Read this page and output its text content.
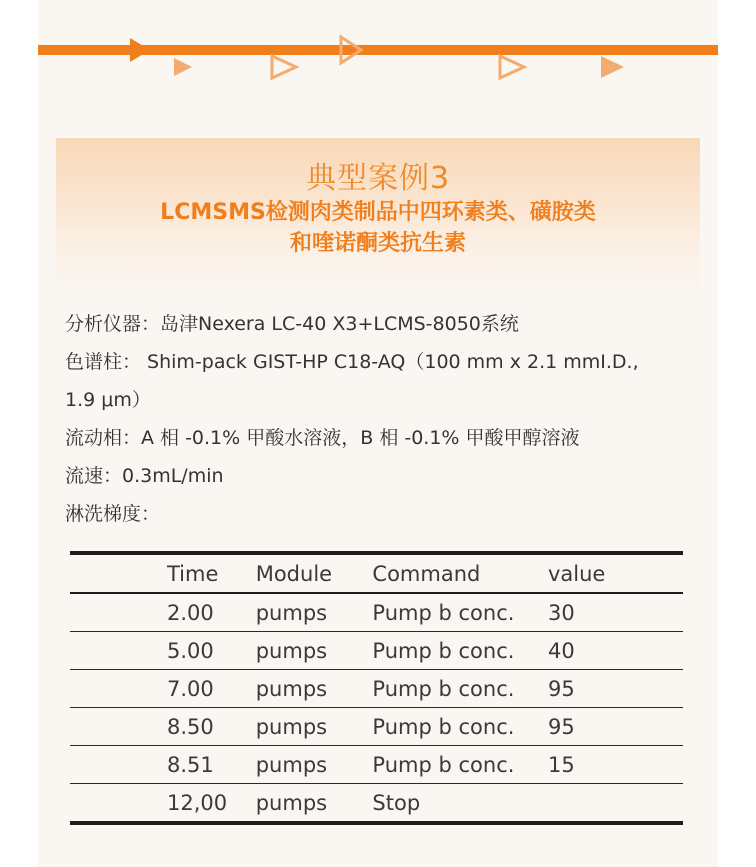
典型案例3
LCMSMS检测肉类制品中四环素类、磺胺类
和喹诺酮类抗生素
分析仪器：岛津Nexera LC-40 X3+LCMS-8050系统
色谱柱： Shim-pack GIST-HP C18-AQ（100 mm x 2.1 mmI.D., 1.9 μm）
流动相：A 相 -0.1% 甲酸水溶液，B 相 -0.1% 甲酸甲醇溶液
流速：0.3mL/min
淋洗梯度：
Time	Module	Command	value
2.00	pumps	Pump b conc.	30
5.00	pumps	Pump b conc.	40
7.00	pumps	Pump b conc.	95
8.50	pumps	Pump b conc.	95
8.51	pumps	Pump b conc.	15
12,00	pumps	Stop	
